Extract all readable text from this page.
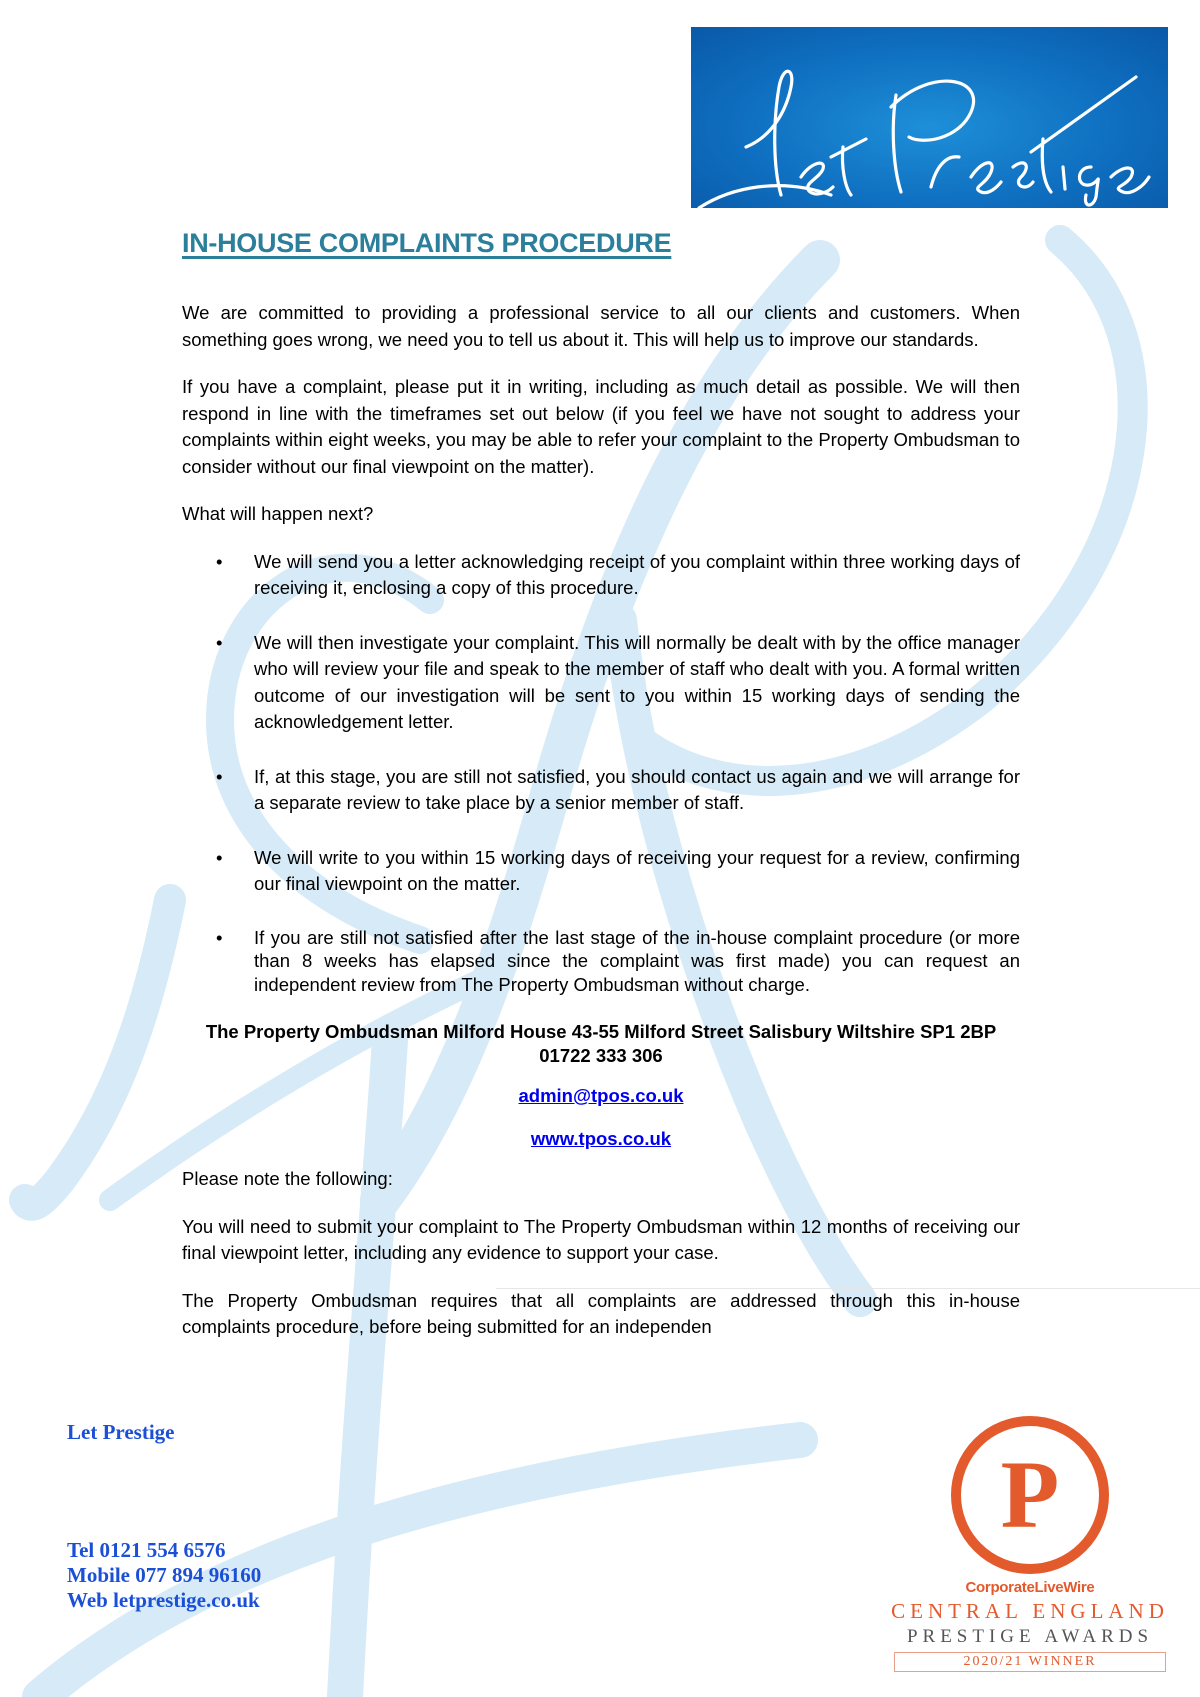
IN-HOUSE COMPLAINTS PROCEDURE

We are committed to providing a professional service to all our clients and customers. When something goes wrong, we need you to tell us about it. This will help us to improve our standards.

If you have a complaint, please put it in writing, including as much detail as possible. We will then respond in line with the timeframes set out below (if you feel we have not sought to address your complaints within eight weeks, you may be able to refer your complaint to the Property Ombudsman to consider without our final viewpoint on the matter).

What will happen next?

• We will send you a letter acknowledging receipt of you complaint within three working days of receiving it, enclosing a copy of this procedure.
• We will then investigate your complaint. This will normally be dealt with by the office manager who will review your file and speak to the member of staff who dealt with you. A formal written outcome of our investigation will be sent to you within 15 working days of sending the acknowledgement letter.
• If, at this stage, you are still not satisfied, you should contact us again and we will arrange for a separate review to take place by a senior member of staff.
• We will write to you within 15 working days of receiving your request for a review, confirming our final viewpoint on the matter.
• If you are still not satisfied after the last stage of the in-house complaint procedure (or more than 8 weeks has elapsed since the complaint was first made) you can request an independent review from The Property Ombudsman without charge.
The Property Ombudsman Milford House 43-55 Milford Street Salisbury Wiltshire SP1 2BP
01722 333 306
admin@tpos.co.uk
www.tpos.co.uk

Please note the following:

You will need to submit your complaint to The Property Ombudsman within 12 months of receiving our final viewpoint letter, including any evidence to support your case.

The Property Ombudsman requires that all complaints are addressed through this in-house complaints procedure, before being submitted for an independen

Let Prestige
Tel 0121 554 6576
Mobile 077 894 96160
Web letprestige.co.uk
P
CorporateLiveWire
CENTRAL ENGLAND
PRESTIGE AWARDS
2020/21 WINNER
